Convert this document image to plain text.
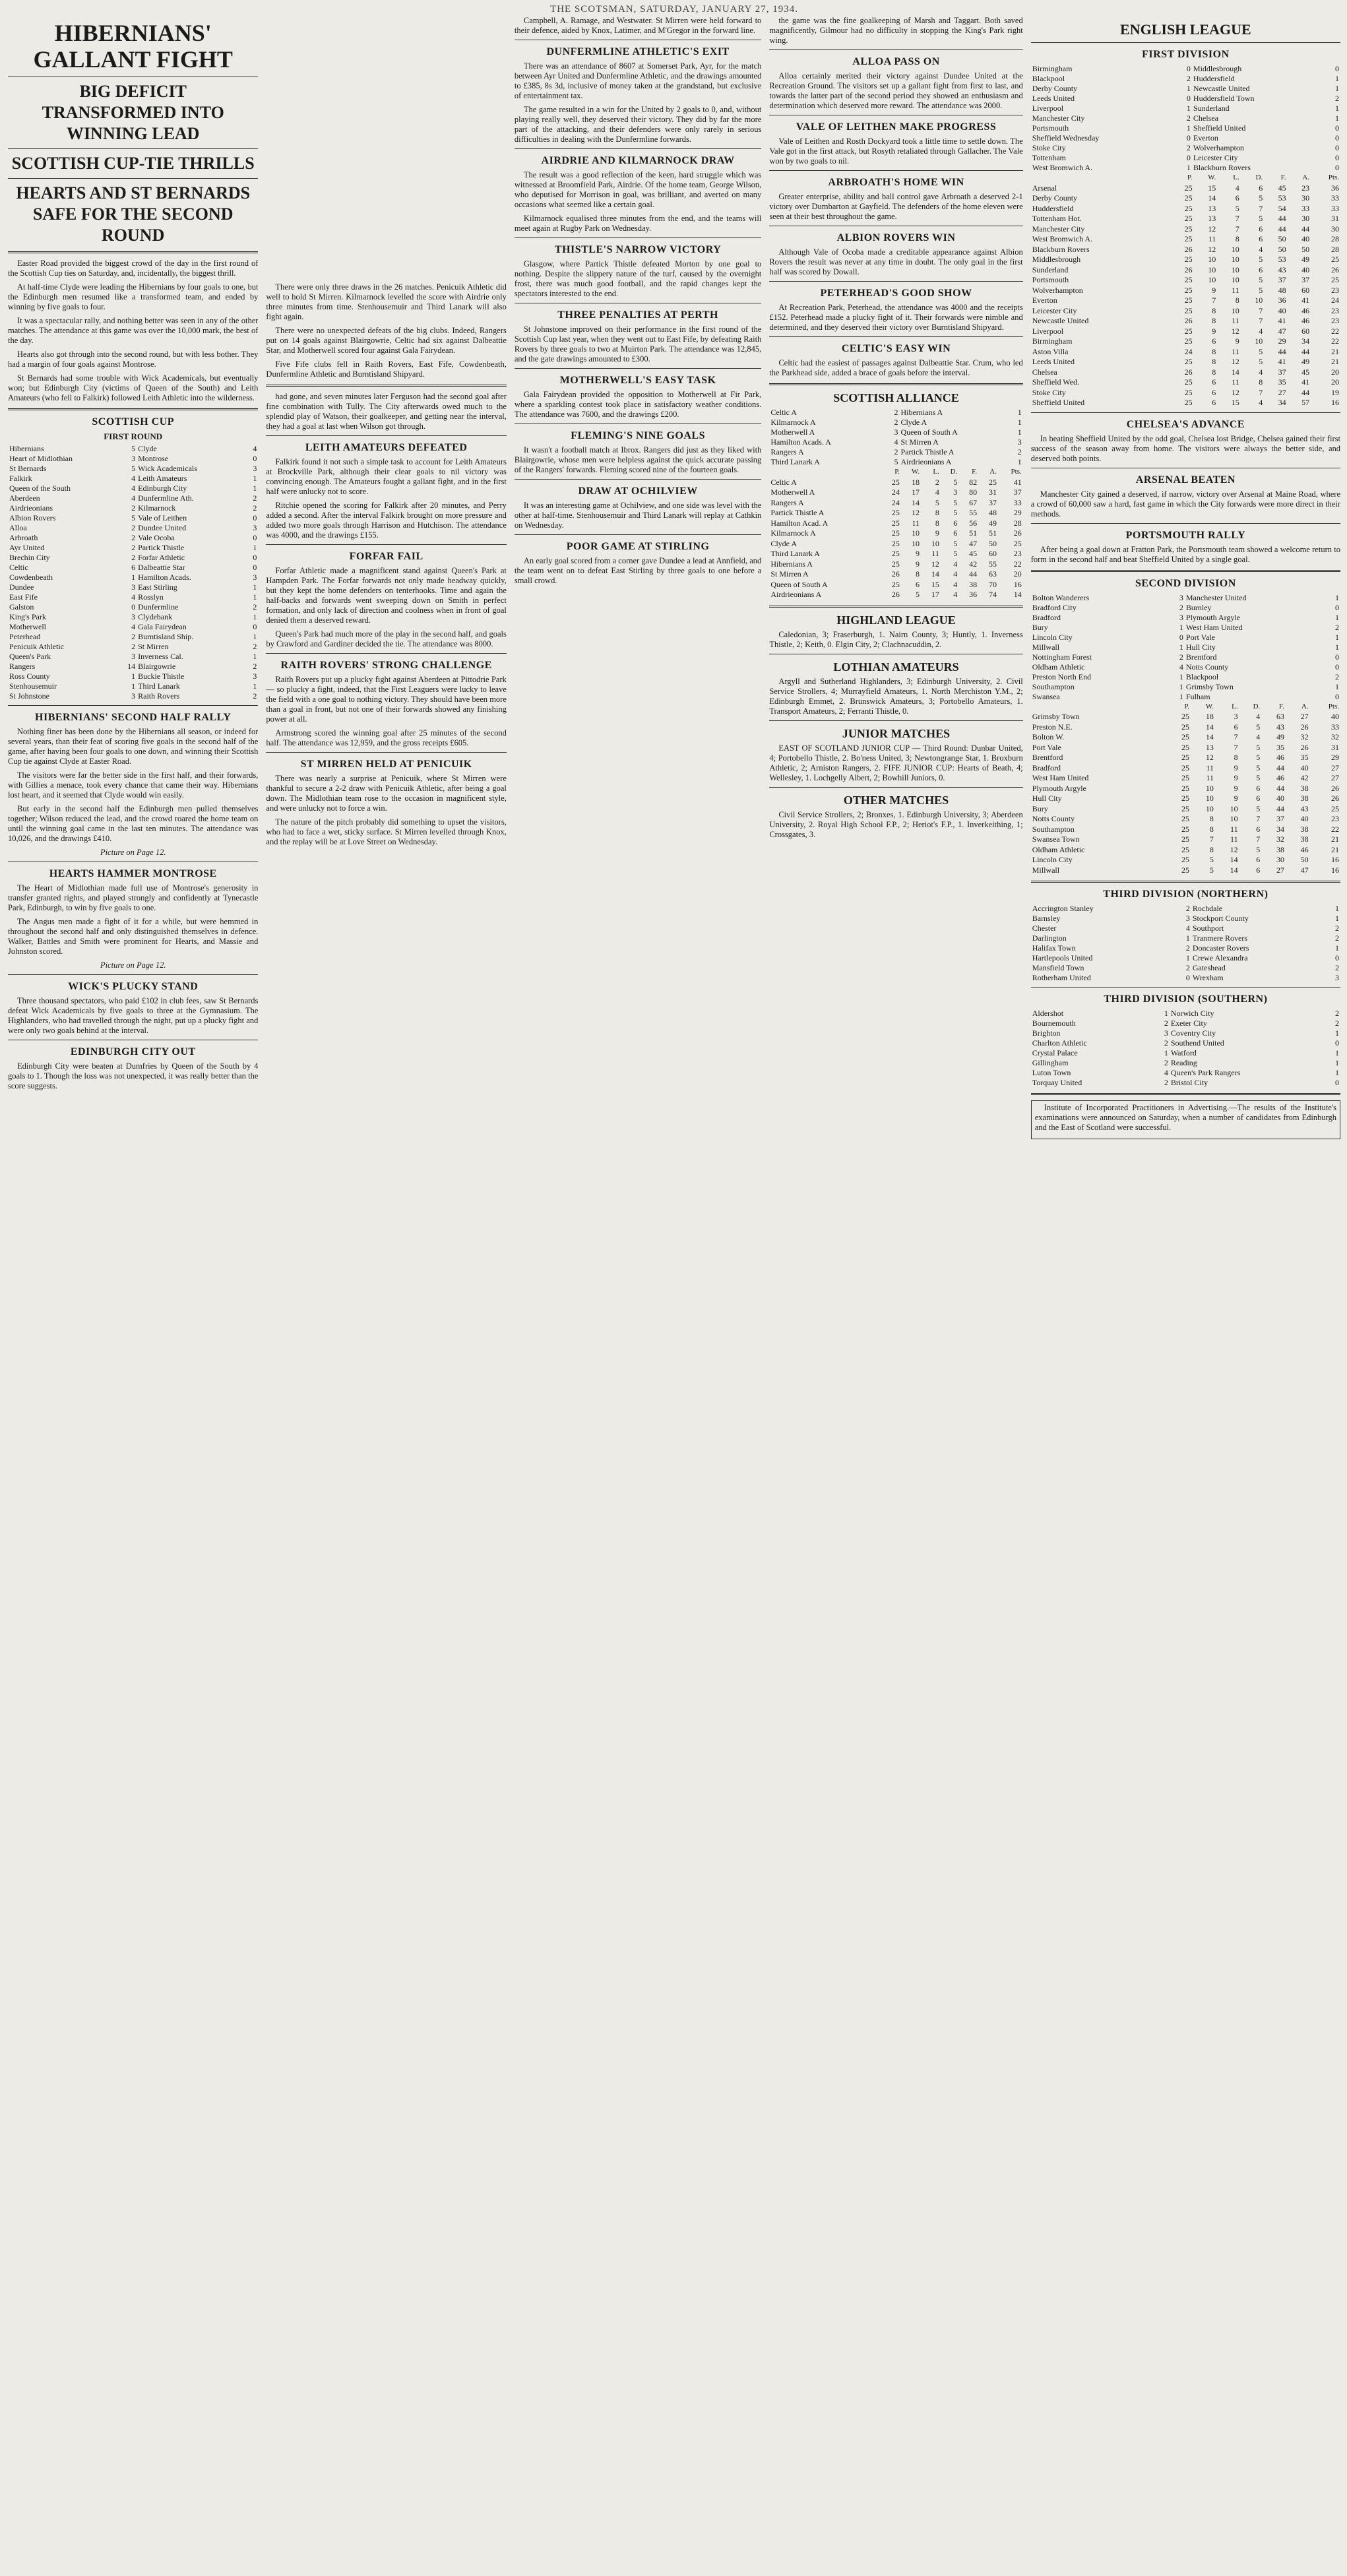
THE SCOTSMAN, SATURDAY, JANUARY 27, 1934.
HIBERNIANS' GALLANT FIGHT
BIG DEFICIT TRANSFORMED INTO WINNING LEAD
SCOTTISH CUP-TIE THRILLS
HEARTS AND ST BERNARDS SAFE FOR THE SECOND ROUND

Easter Road provided the biggest crowd of the day in the first round of the Scottish Cup ties on Saturday, and, incidentally, the biggest thrill.

At half-time Clyde were leading the Hibernians by four goals to one, but the Edinburgh men resumed like a transformed team, and ended by winning by five goals to four.

It was a spectacular rally, and nothing better was seen in any of the other matches. The attendance at this game was over the 10,000 mark, the best of the day.

Hearts also got through into the second round, but with less bother. They had a margin of four goals against Montrose.

St Bernards had some trouble with Wick Academicals, but eventually won; but Edinburgh City (victims of Queen of the South) and Leith Amateurs (who fell to Falkirk) followed Leith Athletic into the wilderness.

SCOTTISH CUP
FIRST ROUND
Hibernians	5	Clyde	4
Heart of Midlothian	3	Montrose	0
St Bernards	5	Wick Academicals	3
Falkirk	4	Leith Amateurs	1
Queen of the South	4	Edinburgh City	1
Aberdeen	4	Dunfermline Ath.	2
Airdrieonians	2	Kilmarnock	2
Albion Rovers	5	Vale of Leithen	0
Alloa	2	Dundee United	3
Arbroath	2	Vale Ocoba	0
Ayr United	2	Partick Thistle	1
Brechin City	2	Forfar Athletic	0
Celtic	6	Dalbeattie Star	0
Cowdenbeath	1	Hamilton Acads.	3
Dundee	3	East Stirling	1
East Fife	4	Rosslyn	1
Galston	0	Dunfermline	2
King's Park	3	Clydebank	1
Motherwell	4	Gala Fairydean	0
Peterhead	2	Burntisland Ship.	1
Penicuik Athletic	2	St Mirren	2
Queen's Park	3	Inverness Cal.	1
Rangers	14	Blairgowrie	2
Ross County	1	Buckie Thistle	3
Stenhousemuir	1	Third Lanark	1
St Johnstone	3	Raith Rovers	2
HIBERNIANS' SECOND HALF RALLY

Nothing finer has been done by the Hibernians all season, or indeed for several years, than their feat of scoring five goals in the second half of the game, after having been four goals to one down, and winning their Scottish Cup tie against Clyde at Easter Road.

The visitors were far the better side in the first half, and their forwards, with Gillies a menace, took every chance that came their way. Hibernians lost heart, and it seemed that Clyde would win easily.

But early in the second half the Edinburgh men pulled themselves together; Wilson reduced the lead, and the crowd roared the home team on until the winning goal came in the last ten minutes. The attendance was 10,026, and the drawings £410.

Picture on Page 12.
HEARTS HAMMER MONTROSE

The Heart of Midlothian made full use of Montrose's generosity in transfer granted rights, and played strongly and confidently at Tynecastle Park, Edinburgh, to win by five goals to one.

The Angus men made a fight of it for a while, but were hemmed in throughout the second half and only distinguished themselves in defence. Walker, Battles and Smith were prominent for Hearts, and Massie and Johnston scored.

Picture on Page 12.
WICK'S PLUCKY STAND

Three thousand spectators, who paid £102 in club fees, saw St Bernards defeat Wick Academicals by five goals to three at the Gymnasium. The Highlanders, who had travelled through the night, put up a plucky fight and were only two goals behind at the interval.

EDINBURGH CITY OUT

Edinburgh City were beaten at Dumfries by Queen of the South by 4 goals to 1. Though the loss was not unexpected, it was really better than the score suggests.

There were only three draws in the 26 matches. Penicuik Athletic did well to hold St Mirren. Kilmarnock levelled the score with Airdrie only three minutes from time. Stenhousemuir and Third Lanark will also fight again.

There were no unexpected defeats of the big clubs. Indeed, Rangers put on 14 goals against Blairgowrie, Celtic had six against Dalbeattie Star, and Motherwell scored four against Gala Fairydean.

Five Fife clubs fell in Raith Rovers, East Fife, Cowdenbeath, Dunfermline Athletic and Burntisland Shipyard.

had gone, and seven minutes later Ferguson had the second goal after fine combination with Tully. The City afterwards owed much to the splendid play of Watson, their goalkeeper, and getting near the interval, they had a goal at last when Wilson got through.

LEITH AMATEURS DEFEATED

Falkirk found it not such a simple task to account for Leith Amateurs at Brockville Park, although their clear goals to nil victory was convincing enough. The Amateurs fought a gallant fight, and in the first half were unlucky not to score.

Ritchie opened the scoring for Falkirk after 20 minutes, and Perry added a second. After the interval Falkirk brought on more pressure and added two more goals through Harrison and Hutchison. The attendance was 4000, and the drawings £155.

FORFAR FAIL

Forfar Athletic made a magnificent stand against Queen's Park at Hampden Park. The Forfar forwards not only made headway quickly, but they kept the home defenders on tenterhooks. Time and again the half-backs and forwards went sweeping down on Smith in perfect formation, and only lack of direction and coolness when in front of goal denied them a deserved reward.

Queen's Park had much more of the play in the second half, and goals by Crawford and Gardiner decided the tie. The attendance was 8000.

RAITH ROVERS' STRONG CHALLENGE

Raith Rovers put up a plucky fight against Aberdeen at Pittodrie Park — so plucky a fight, indeed, that the First Leaguers were lucky to leave the field with a one goal to nothing victory. They should have been more than a goal in front, but not one of their forwards showed any finishing power at all.

Armstrong scored the winning goal after 25 minutes of the second half. The attendance was 12,959, and the gross receipts £605.

ST MIRREN HELD AT PENICUIK

There was nearly a surprise at Penicuik, where St Mirren were thankful to secure a 2-2 draw with Penicuik Athletic, after being a goal down. The Midlothian team rose to the occasion in magnificent style, and were unlucky not to force a win.

The nature of the pitch probably did something to upset the visitors, who had to face a wet, sticky surface. St Mirren levelled through Knox, and the replay will be at Love Street on Wednesday.

Campbell, A. Ramage, and Westwater. St Mirren were held forward to their defence, aided by Knox, Latimer, and M'Gregor in the forward line.

DUNFERMLINE ATHLETIC'S EXIT

There was an attendance of 8607 at Somerset Park, Ayr, for the match between Ayr United and Dunfermline Athletic, and the drawings amounted to £385, 8s 3d, inclusive of money taken at the grandstand, but exclusive of entertainment tax.

The game resulted in a win for the United by 2 goals to 0, and, without playing really well, they deserved their victory. They did by far the more part of the attacking, and their defenders were only rarely in serious difficulties in dealing with the Dunfermline forwards.

AIRDRIE AND KILMARNOCK DRAW

The result was a good reflection of the keen, hard struggle which was witnessed at Broomfield Park, Airdrie. Of the home team, George Wilson, who deputised for Morrison in goal, was brilliant, and averted on many occasions what seemed like a certain goal.

Kilmarnock equalised three minutes from the end, and the teams will meet again at Rugby Park on Wednesday.

THISTLE'S NARROW VICTORY

Glasgow, where Partick Thistle defeated Morton by one goal to nothing. Despite the slippery nature of the turf, caused by the overnight frost, there was much good football, and the rapid changes kept the spectators interested to the end.

THREE PENALTIES AT PERTH

St Johnstone improved on their performance in the first round of the Scottish Cup last year, when they went out to East Fife, by defeating Raith Rovers by three goals to two at Muirton Park. The attendance was 12,845, and the gate drawings amounted to £300.

MOTHERWELL'S EASY TASK

Gala Fairydean provided the opposition to Motherwell at Fir Park, where a sparkling contest took place in satisfactory weather conditions. The attendance was 7600, and the drawings £200.

FLEMING'S NINE GOALS

It wasn't a football match at Ibrox. Rangers did just as they liked with Blairgowrie, whose men were helpless against the quick accurate passing of the Rangers' forwards. Fleming scored nine of the fourteen goals.

DRAW AT OCHILVIEW

It was an interesting game at Ochilview, and one side was level with the other at half-time. Stenhousemuir and Third Lanark will replay at Cathkin on Wednesday.

POOR GAME AT STIRLING

An early goal scored from a corner gave Dundee a lead at Annfield, and the team went on to defeat East Stirling by three goals to one before a small crowd.

the game was the fine goalkeeping of Marsh and Taggart. Both saved magnificently, Gilmour had no difficulty in stopping the King's Park right wing.

ALLOA PASS ON

Alloa certainly merited their victory against Dundee United at the Recreation Ground. The visitors set up a gallant fight from first to last, and towards the latter part of the second period they showed an enthusiasm and determination which deserved more reward. The attendance was 2000.

VALE OF LEITHEN MAKE PROGRESS

Vale of Leithen and Rosth Dockyard took a little time to settle down. The Vale got in the first attack, but Rosyth retaliated through Gallacher. The Vale won by two goals to nil.

ARBROATH'S HOME WIN

Greater enterprise, ability and ball control gave Arbroath a deserved 2-1 victory over Dumbarton at Gayfield. The defenders of the home eleven were seen at their best throughout the game.

ALBION ROVERS WIN

Although Vale of Ocoba made a creditable appearance against Albion Rovers the result was never at any time in doubt. The only goal in the first half was scored by Dowall.

PETERHEAD'S GOOD SHOW

At Recreation Park, Peterhead, the attendance was 4000 and the receipts £152. Peterhead made a plucky fight of it. Their forwards were nimble and determined, and they deserved their victory over Burntisland Shipyard.

CELTIC'S EASY WIN

Celtic had the easiest of passages against Dalbeattie Star. Crum, who led the Parkhead side, added a brace of goals before the interval.

SCOTTISH ALLIANCE
Celtic A	2	Hibernians A	1
Kilmarnock A	2	Clyde A	1
Motherwell A	3	Queen of South A	1
Hamilton Acads. A	4	St Mirren A	3
Rangers A	2	Partick Thistle A	2
Third Lanark A	5	Airdrieonians A	1
	P.	W.	L.	D.	F.	A.	Pts.
Celtic A	25	18	2	5	82	25	41
Motherwell A	24	17	4	3	80	31	37
Rangers A	24	14	5	5	67	37	33
Partick Thistle A	25	12	8	5	55	48	29
Hamilton Acad. A	25	11	8	6	56	49	28
Kilmarnock A	25	10	9	6	51	51	26
Clyde A	25	10	10	5	47	50	25
Third Lanark A	25	9	11	5	45	60	23
Hibernians A	25	9	12	4	42	55	22
St Mirren A	26	8	14	4	44	63	20
Queen of South A	25	6	15	4	38	70	16
Airdrieonians A	26	5	17	4	36	74	14
HIGHLAND LEAGUE

Caledonian, 3; Fraserburgh, 1. Nairn County, 3; Huntly, 1. Inverness Thistle, 2; Keith, 0. Elgin City, 2; Clachnacuddin, 2.

LOTHIAN AMATEURS

Argyll and Sutherland Highlanders, 3; Edinburgh University, 2. Civil Service Strollers, 4; Murrayfield Amateurs, 1. North Merchiston Y.M., 2; Edinburgh Emmet, 2. Brunswick Amateurs, 3; Portobello Amateurs, 1. Transport Amateurs, 2; Ferranti Thistle, 0.

JUNIOR MATCHES

EAST OF SCOTLAND JUNIOR CUP — Third Round: Dunbar United, 4; Portobello Thistle, 2. Bo'ness United, 3; Newtongrange Star, 1. Broxburn Athletic, 2; Arniston Rangers, 2. FIFE JUNIOR CUP: Hearts of Beath, 4; Wellesley, 1. Lochgelly Albert, 2; Bowhill Juniors, 0.

OTHER MATCHES

Civil Service Strollers, 2; Bronxes, 1. Edinburgh University, 3; Aberdeen University, 2. Royal High School F.P., 2; Heriot's F.P., 1. Inverkeithing, 1; Crossgates, 3.

ENGLISH LEAGUE
FIRST DIVISION
Birmingham	0	Middlesbrough	0
Blackpool	2	Huddersfield	1
Derby County	1	Newcastle United	1
Leeds United	0	Huddersfield Town	2
Liverpool	1	Sunderland	1
Manchester City	2	Chelsea	1
Portsmouth	1	Sheffield United	0
Sheffield Wednesday	0	Everton	0
Stoke City	2	Wolverhampton	0
Tottenham	0	Leicester City	0
West Bromwich A.	1	Blackburn Rovers	0
	P.	W.	L.	D.	F.	A.	Pts.
Arsenal	25	15	4	6	45	23	36
Derby County	25	14	6	5	53	30	33
Huddersfield	25	13	5	7	54	33	33
Tottenham Hot.	25	13	7	5	44	30	31
Manchester City	25	12	7	6	44	44	30
West Bromwich A.	25	11	8	6	50	40	28
Blackburn Rovers	26	12	10	4	50	50	28
Middlesbrough	25	10	10	5	53	49	25
Sunderland	26	10	10	6	43	40	26
Portsmouth	25	10	10	5	37	37	25
Wolverhampton	25	9	11	5	48	60	23
Everton	25	7	8	10	36	41	24
Leicester City	25	8	10	7	40	46	23
Newcastle United	26	8	11	7	41	46	23
Liverpool	25	9	12	4	47	60	22
Birmingham	25	6	9	10	29	34	22
Aston Villa	24	8	11	5	44	44	21
Leeds United	25	8	12	5	41	49	21
Chelsea	26	8	14	4	37	45	20
Sheffield Wed.	25	6	11	8	35	41	20
Stoke City	25	6	12	7	27	44	19
Sheffield United	25	6	15	4	34	57	16
CHELSEA'S ADVANCE

In beating Sheffield United by the odd goal, Chelsea lost Bridge, Chelsea gained their first success of the season away from home. The visitors were always the better side, and deserved both points.

ARSENAL BEATEN

Manchester City gained a deserved, if narrow, victory over Arsenal at Maine Road, where a crowd of 60,000 saw a hard, fast game in which the City forwards were more direct in their methods.

PORTSMOUTH RALLY

After being a goal down at Fratton Park, the Portsmouth team showed a welcome return to form in the second half and beat Sheffield United by a single goal.

SECOND DIVISION
Bolton Wanderers	3	Manchester United	1
Bradford City	2	Burnley	0
Bradford	3	Plymouth Argyle	1
Bury	1	West Ham United	2
Lincoln City	0	Port Vale	1
Millwall	1	Hull City	1
Nottingham Forest	2	Brentford	0
Oldham Athletic	4	Notts County	0
Preston North End	1	Blackpool	2
Southampton	1	Grimsby Town	1
Swansea	1	Fulham	0
	P.	W.	L.	D.	F.	A.	Pts.
Grimsby Town	25	18	3	4	63	27	40
Preston N.E.	25	14	6	5	43	26	33
Bolton W.	25	14	7	4	49	32	32
Port Vale	25	13	7	5	35	26	31
Brentford	25	12	8	5	46	35	29
Bradford	25	11	9	5	44	40	27
West Ham United	25	11	9	5	46	42	27
Plymouth Argyle	25	10	9	6	44	38	26
Hull City	25	10	9	6	40	38	26
Bury	25	10	10	5	44	43	25
Notts County	25	8	10	7	37	40	23
Southampton	25	8	11	6	34	38	22
Swansea Town	25	7	11	7	32	38	21
Oldham Athletic	25	8	12	5	38	46	21
Lincoln City	25	5	14	6	30	50	16
Millwall	25	5	14	6	27	47	16
THIRD DIVISION (NORTHERN)
Accrington Stanley	2	Rochdale	1
Barnsley	3	Stockport County	1
Chester	4	Southport	2
Darlington	1	Tranmere Rovers	2
Halifax Town	2	Doncaster Rovers	1
Hartlepools United	1	Crewe Alexandra	0
Mansfield Town	2	Gateshead	2
Rotherham United	0	Wrexham	3
THIRD DIVISION (SOUTHERN)
Aldershot	1	Norwich City	2
Bournemouth	2	Exeter City	2
Brighton	3	Coventry City	1
Charlton Athletic	2	Southend United	0
Crystal Palace	1	Watford	1
Gillingham	2	Reading	1
Luton Town	4	Queen's Park Rangers	1
Torquay United	2	Bristol City	0

Institute of Incorporated Practitioners in Advertising.—The results of the Institute's examinations were announced on Saturday, when a number of candidates from Edinburgh and the East of Scotland were successful.
